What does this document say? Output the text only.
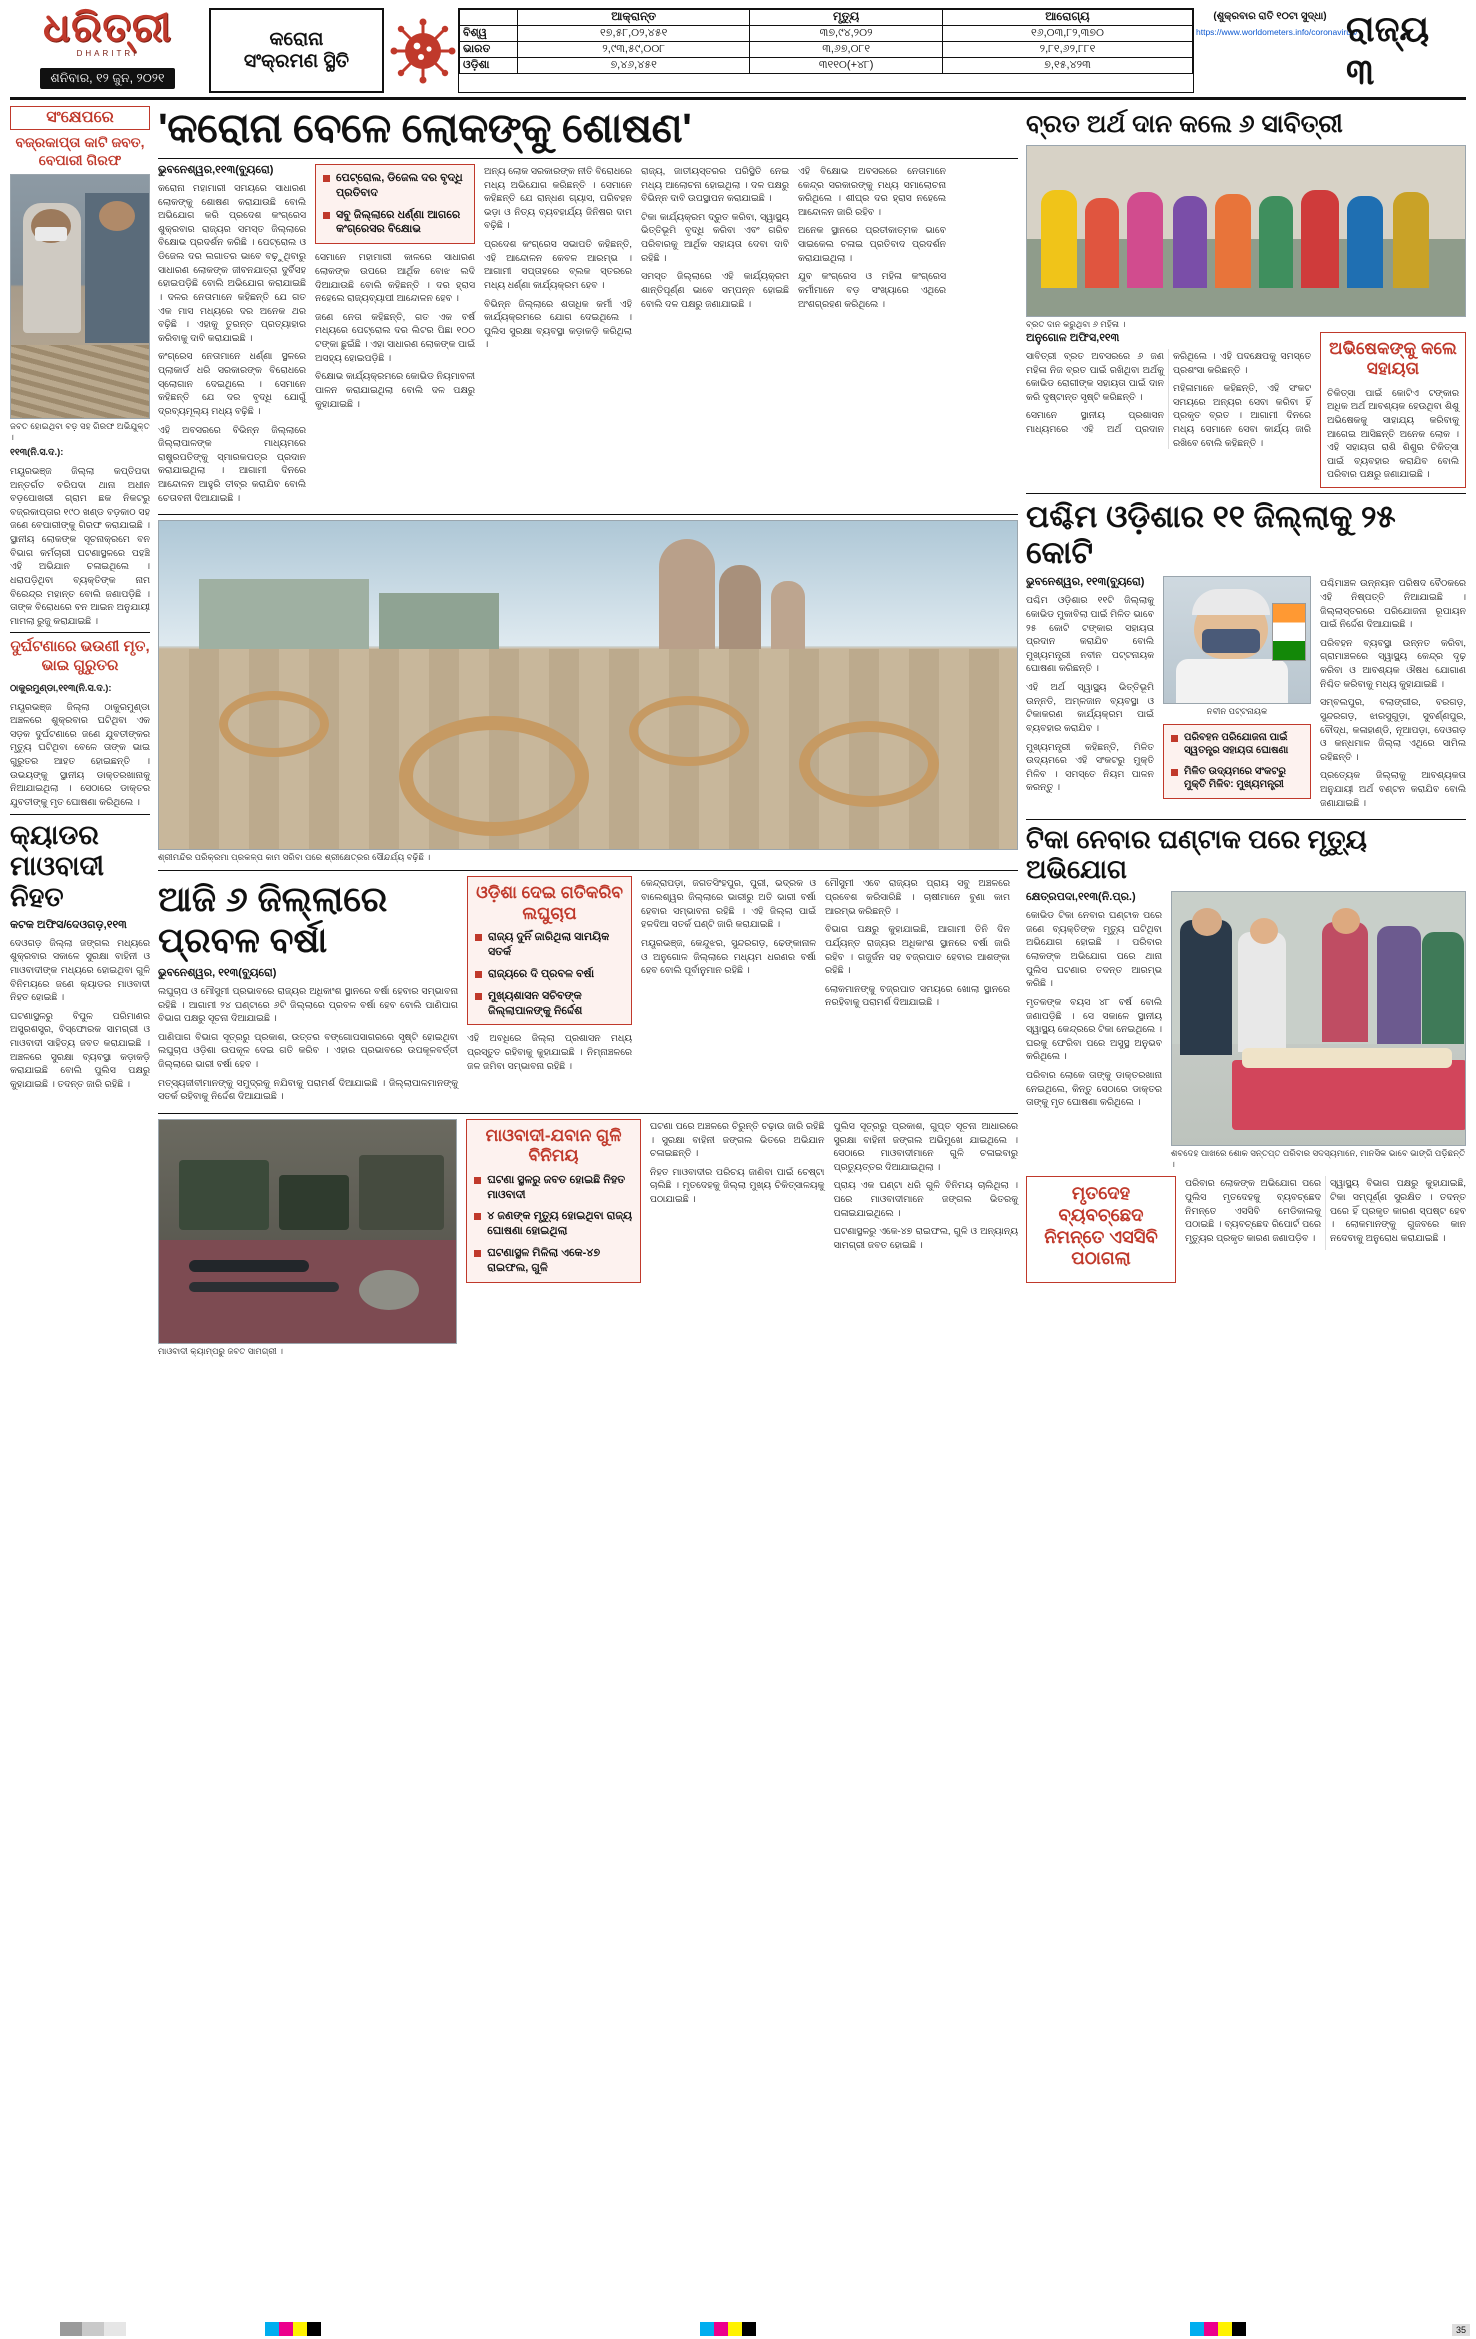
ଧରିତ୍ରୀ
DHARITRI
ଶନିବାର, ୧୨ ଜୁନ, ୨୦୨୧
କରୋନା
ସଂକ୍ରମଣ ସ୍ଥିତି
	ଆକ୍ରାନ୍ତ	ମୃତ୍ୟୁ	ଆରୋଗ୍ୟ
ବିଶ୍ୱ	୧୭,୫୮,୦୨,୪୫୧	୩୭,୯୪,୨୦୨	୧୬,୦୩,୮୨,୩୭୦
ଭାରତ	୨,୯୩,୫୯,୦୦୮	୩,୬୭,୦୮୧	୨,୮୧,୬୨,୮୮୧
ଓଡ଼ିଶା	୭,୪୬,୪୫୧	୩୧୧୦(+୪୮)	୭,୧୫,୪୨୩
(ଶୁକ୍ରବାର ରାତି ୧୦ଟା ସୁଦ୍ଧା)
https://www.worldometers.info/coronavirus/
ରାଜ୍ୟ ୩
ସଂକ୍ଷେପରେ
ବଜ୍ରକାପ୍ତା କାଟି ଜବତ, ବେପାରୀ ଗିରଫ
ଜବତ ହୋଇଥିବା ବଡ଼ ସହ ଗିରଫ ଅଭିଯୁକ୍ତ ।

୧୧୩(ନି.ସ.ଦ.):

ମୟୂରଭଞ୍ଜ ଜିଲ୍ଲା କପ୍ତିପଦା ଅନ୍ତର୍ଗତ ବରିପଦା ଥାନା ଅଧୀନ ବଡ଼ପୋଖରୀ ଗ୍ରାମ ଛକ ନିକଟରୁ ବଜ୍ରକାପ୍ତାର ୧୯୦ ଖଣ୍ଡ ବଡ଼କାଠ ସହ ଜଣେ ବେପାରୀଙ୍କୁ ଗିରଫ କରାଯାଇଛି । ସ୍ଥାନୀୟ ଲୋକଙ୍କ ସୂଚନାକ୍ରମେ ବନ ବିଭାଗ କର୍ମଚାରୀ ଘଟଣାସ୍ଥଳରେ ପହଞ୍ଚି ଏହି ଅଭିଯାନ ଚଳାଇଥିଲେ । ଧରାପଡ଼ିଥିବା ବ୍ୟକ୍ତିଙ୍କ ନାମ ବିରେନ୍ଦ୍ର ମହାନ୍ତ ବୋଲି ଜଣାପଡ଼ିଛି । ତାଙ୍କ ବିରୋଧରେ ବନ ଆଇନ ଅନୁଯାୟୀ ମାମଲା ରୁଜୁ କରାଯାଇଛି ।

ଦୁର୍ଘଟଣାରେ ଭଉଣୀ ମୃତ, ଭାଇ ଗୁରୁତର

ଠାକୁରମୁଣ୍ଡା,୧୧୩(ନି.ସ.ଦ.):

ମୟୂରଭଞ୍ଜ ଜିଲ୍ଲା ଠାକୁରମୁଣ୍ଡା ଅଞ୍ଚଳରେ ଶୁକ୍ରବାର ଘଟିଥିବା ଏକ ସଡ଼କ ଦୁର୍ଘଟଣାରେ ଜଣେ ଯୁବତୀଙ୍କର ମୃତ୍ୟୁ ଘଟିଥିବା ବେଳେ ତାଙ୍କ ଭାଇ ଗୁରୁତର ଆହତ ହୋଇଛନ୍ତି । ଉଭୟଙ୍କୁ ସ୍ଥାନୀୟ ଡାକ୍ତରଖାନାକୁ ନିଆଯାଇଥିଲା । ସେଠାରେ ଡାକ୍ତର ଯୁବତୀଙ୍କୁ ମୃତ ଘୋଷଣା କରିଥିଲେ ।

କ୍ୟାଡର ମାଓବାଦୀ ନିହତ
କଟକ ଅଫିସ/ଦେଓଗଡ଼,୧୧୩

ଦେଓଗଡ଼ ଜିଲ୍ଲା ଜଙ୍ଗଲ ମଧ୍ୟରେ ଶୁକ୍ରବାର ସକାଳେ ସୁରକ୍ଷା ବାହିନୀ ଓ ମାଓବାଦୀଙ୍କ ମଧ୍ୟରେ ହୋଇଥିବା ଗୁଳି ବିନିମୟରେ ଜଣେ କ୍ୟାଡର ମାଓବାଦୀ ନିହତ ହୋଇଛି ।

ଘଟଣାସ୍ଥଳରୁ ବିପୁଳ ପରିମାଣର ଅସ୍ତ୍ରଶସ୍ତ୍ର, ବିସ୍ଫୋରକ ସାମଗ୍ରୀ ଓ ମାଓବାଦୀ ସାହିତ୍ୟ ଜବତ କରାଯାଇଛି । ଅଞ୍ଚଳରେ ସୁରକ୍ଷା ବ୍ୟବସ୍ଥା କଡ଼ାକଡ଼ି କରାଯାଇଛି ବୋଲି ପୁଲିସ ପକ୍ଷରୁ କୁହାଯାଇଛି । ତଦନ୍ତ ଜାରି ରହିଛି ।

'କରୋନା ବେଳେ ଲୋକଙ୍କୁ ଶୋଷଣ'
ଭୁବନେଶ୍ୱର,୧୧୩(ବ୍ୟୁରୋ)

କରୋନା ମହାମାରୀ ସମୟରେ ସାଧାରଣ ଲୋକଙ୍କୁ ଶୋଷଣ କରାଯାଉଛି ବୋଲି ଅଭିଯୋଗ କରି ପ୍ରଦେଶ କଂଗ୍ରେସ ଶୁକ୍ରବାର ରାଜ୍ୟର ସମସ୍ତ ଜିଲ୍ଲାରେ ବିକ୍ଷୋଭ ପ୍ରଦର୍ଶନ କରିଛି । ପେଟ୍ରୋଲ ଓ ଡିଜେଲ ଦର ଲଗାତର ଭାବେ ବଢ଼ୁଥିବାରୁ ସାଧାରଣ ଲୋକଙ୍କ ଜୀବନଯାତ୍ରା ଦୁର୍ବିସହ ହୋଇପଡ଼ିଛି ବୋଲି ଅଭିଯୋଗ କରାଯାଇଛି । ଦଳର ନେତାମାନେ କହିଛନ୍ତି ଯେ ଗତ ଏକ ମାସ ମଧ୍ୟରେ ଦର ଅନେକ ଥର ବଢ଼ିଛି । ଏହାକୁ ତୁରନ୍ତ ପ୍ରତ୍ୟାହାର କରିବାକୁ ଦାବି କରାଯାଇଛି ।

କଂଗ୍ରେସ ନେତାମାନେ ଧର୍ଣ୍ଣା ସ୍ଥଳରେ ପ୍ଲାକାର୍ଡ ଧରି ସରକାରଙ୍କ ବିରୋଧରେ ସ୍ଲୋଗାନ ଦେଇଥିଲେ । ସେମାନେ କହିଛନ୍ତି ଯେ ଦର ବୃଦ୍ଧି ଯୋଗୁଁ ଦ୍ରବ୍ୟମୂଲ୍ୟ ମଧ୍ୟ ବଢ଼ିଛି ।

ଏହି ଅବସରରେ ବିଭିନ୍ନ ଜିଲ୍ଲାରେ ଜିଲ୍ଲାପାଳଙ୍କ ମାଧ୍ୟମରେ ରାଷ୍ଟ୍ରପତିଙ୍କୁ ସ୍ମାରକପତ୍ର ପ୍ରଦାନ କରାଯାଇଥିଲା । ଆଗାମୀ ଦିନରେ ଆନ୍ଦୋଳନ ଆହୁରି ତୀବ୍ର କରାଯିବ ବୋଲି ଚେତାବନୀ ଦିଆଯାଇଛି ।

ପେଟ୍ରୋଲ, ଡିଜେଲ ଦର ବୃଦ୍ଧି ପ୍ରତିବାଦ
ସବୁ ଜିଲ୍ଲାରେ ଧର୍ଣ୍ଣା ଆଗରେ କଂଗ୍ରେସର ବିକ୍ଷୋଭ

ସେମାନେ ମହାମାରୀ କାଳରେ ସାଧାରଣ ଲୋକଙ୍କ ଉପରେ ଆର୍ଥିକ ବୋଝ ଲଦି ଦିଆଯାଉଛି ବୋଲି କହିଛନ୍ତି । ଦର ହ୍ରାସ ନହେଲେ ରାଜ୍ୟବ୍ୟାପୀ ଆନ୍ଦୋଳନ ହେବ ।

ଜଣେ ନେତା କହିଛନ୍ତି, ଗତ ଏକ ବର୍ଷ ମଧ୍ୟରେ ପେଟ୍ରୋଲ ଦର ଲିଟର ପିଛା ୧୦୦ ଟଙ୍କା ଛୁଇଁଛି । ଏହା ସାଧାରଣ ଲୋକଙ୍କ ପାଇଁ ଅସହ୍ୟ ହୋଇପଡ଼ିଛି ।

ବିକ୍ଷୋଭ କାର୍ଯ୍ୟକ୍ରମରେ କୋଭିଡ ନିୟମାବଳୀ ପାଳନ କରାଯାଇଥିଲା ବୋଲି ଦଳ ପକ୍ଷରୁ କୁହାଯାଇଛି ।

ଅନ୍ୟ ଲୋକ ସରକାରଙ୍କ ନୀତି ବିରୋଧରେ ମଧ୍ୟ ଅଭିଯୋଗ କରିଛନ୍ତି । ସେମାନେ କହିଛନ୍ତି ଯେ ରାନ୍ଧଣ ଗ୍ୟାସ, ପରିବହନ ଭଡ଼ା ଓ ନିତ୍ୟ ବ୍ୟବହାର୍ଯ୍ୟ ଜିନିଷର ଦାମ ବଢ଼ିଛି ।

ପ୍ରଦେଶ କଂଗ୍ରେସ ସଭାପତି କହିଛନ୍ତି, ଏହି ଆନ୍ଦୋଳନ କେବଳ ଆରମ୍ଭ । ଆଗାମୀ ସପ୍ତାହରେ ବ୍ଲକ ସ୍ତରରେ ମଧ୍ୟ ଧର୍ଣ୍ଣା କାର୍ଯ୍ୟକ୍ରମ ହେବ ।

ବିଭିନ୍ନ ଜିଲ୍ଲାରେ ଶତାଧିକ କର୍ମୀ ଏହି କାର୍ଯ୍ୟକ୍ରମରେ ଯୋଗ ଦେଇଥିଲେ । ପୁଲିସ ସୁରକ୍ଷା ବ୍ୟବସ୍ଥା କଡ଼ାକଡ଼ି କରିଥିଲା ।

ରାଜ୍ୟ, ଜାତୀୟସ୍ତରର ପରିସ୍ଥିତି ନେଇ ମଧ୍ୟ ଆଲୋଚନା ହୋଇଥିଲା । ଦଳ ପକ୍ଷରୁ ବିଭିନ୍ନ ଦାବି ଉପସ୍ଥାପନ କରାଯାଇଛି ।

ଟିକା କାର୍ଯ୍ୟକ୍ରମ ଦ୍ରୁତ କରିବା, ସ୍ୱାସ୍ଥ୍ୟ ଭିତ୍ତିଭୂମି ବୃଦ୍ଧି କରିବା ଏବଂ ଗରିବ ପରିବାରକୁ ଆର୍ଥିକ ସହାୟତା ଦେବା ଦାବି ରହିଛି ।

ସମସ୍ତ ଜିଲ୍ଲାରେ ଏହି କାର୍ଯ୍ୟକ୍ରମ ଶାନ୍ତିପୂର୍ଣ୍ଣ ଭାବେ ସମ୍ପନ୍ନ ହୋଇଛି ବୋଲି ଦଳ ପକ୍ଷରୁ ଜଣାଯାଇଛି ।

ଏହି ବିକ୍ଷୋଭ ଅବସରରେ ନେତାମାନେ କେନ୍ଦ୍ର ସରକାରଙ୍କୁ ମଧ୍ୟ ସମାଲୋଚନା କରିଥିଲେ । ଶୀଘ୍ର ଦର ହ୍ରାସ ନହେଲେ ଆନ୍ଦୋଳନ ଜାରି ରହିବ ।

ଅନେକ ସ୍ଥାନରେ ପ୍ରତୀକାତ୍ମକ ଭାବେ ସାଇକେଲ ଚଳାଇ ପ୍ରତିବାଦ ପ୍ରଦର୍ଶନ କରାଯାଇଥିଲା ।

ଯୁବ କଂଗ୍ରେସ ଓ ମହିଳା କଂଗ୍ରେସ କର୍ମୀମାନେ ବଡ଼ ସଂଖ୍ୟାରେ ଏଥିରେ ଅଂଶଗ୍ରହଣ କରିଥିଲେ ।

ଶ୍ରୀମନ୍ଦିର ପରିକ୍ରମା ପ୍ରକଳ୍ପ କାମ ସରିବା ପରେ ଶ୍ରୀକ୍ଷେତ୍ରର ସୌନ୍ଦର୍ଯ୍ୟ ବଢ଼ିଛି ।
ଆଜି ୬ ଜିଲ୍ଲାରେ ପ୍ରବଳ ବର୍ଷା
ଭୁବନେଶ୍ୱର, ୧୧୩(ବ୍ୟୁରୋ)

ଲଘୁଚାପ ଓ ମୌସୁମୀ ପ୍ରଭାବରେ ରାଜ୍ୟର ଅଧିକାଂଶ ସ୍ଥାନରେ ବର୍ଷା ହେବାର ସମ୍ଭାବନା ରହିଛି । ଆଗାମୀ ୨୪ ଘଣ୍ଟାରେ ୬ଟି ଜିଲ୍ଲାରେ ପ୍ରବଳ ବର୍ଷା ହେବ ବୋଲି ପାଣିପାଗ ବିଭାଗ ପକ୍ଷରୁ ସୂଚନା ଦିଆଯାଇଛି ।

ପାଣିପାଗ ବିଭାଗ ସୂତ୍ରରୁ ପ୍ରକାଶ, ଉତ୍ତର ବଙ୍ଗୋପସାଗରରେ ସୃଷ୍ଟି ହୋଇଥିବା ଲଘୁଚାପ ଓଡ଼ିଶା ଉପକୂଳ ଦେଇ ଗତି କରିବ । ଏହାର ପ୍ରଭାବରେ ଉପକୂଳବର୍ତ୍ତୀ ଜିଲ୍ଲାରେ ଭାରୀ ବର୍ଷା ହେବ ।

ମତ୍ସ୍ୟଜୀବୀମାନଙ୍କୁ ସମୁଦ୍ରକୁ ନଯିବାକୁ ପରାମର୍ଶ ଦିଆଯାଇଛି । ଜିଲ୍ଲାପାଳମାନଙ୍କୁ ସତର୍କ ରହିବାକୁ ନିର୍ଦ୍ଦେଶ ଦିଆଯାଇଛି ।

ଓଡ଼ିଶା ଦେଇ ଗତିକରିବ ଲଘୁଚାପ
ରାଜ୍ୟ ଦୁନିଁ ଜାରିଥିଲା ସାମୟିକ ସତର୍କ
ରାଜ୍ୟରେ ଦି ପ୍ରବଳ ବର୍ଷା
ମୁଖ୍ୟଶାସନ ସଚିବଙ୍କ ଜିଲ୍ଲାପାଳଙ୍କୁ ନିର୍ଦ୍ଦେଶ

ଏହି ଅବଧିରେ ଜିଲ୍ଲା ପ୍ରଶାସନ ମଧ୍ୟ ପ୍ରସ୍ତୁତ ରହିବାକୁ କୁହାଯାଇଛି । ନିମ୍ନାଞ୍ଚଳରେ ଜଳ ଜମିବା ସମ୍ଭାବନା ରହିଛି ।

କେନ୍ଦ୍ରାପଡ଼ା, ଜଗତସିଂହପୁର, ପୁରୀ, ଭଦ୍ରକ ଓ ବାଲେଶ୍ୱର ଜିଲ୍ଲାରେ ଭାରୀରୁ ଅତି ଭାରୀ ବର୍ଷା ହେବାର ସମ୍ଭାବନା ରହିଛି । ଏହି ଜିଲ୍ଲା ପାଇଁ ହଳଦିଆ ସତର୍କ ଘଣ୍ଟି ଜାରି କରାଯାଇଛି ।

ମୟୂରଭଞ୍ଜ, କେନ୍ଦୁଝର, ସୁନ୍ଦରଗଡ଼, ଢେଙ୍କାନାଳ ଓ ଅନୁଗୋଳ ଜିଲ୍ଲାରେ ମଧ୍ୟମ ଧରଣର ବର୍ଷା ହେବ ବୋଲି ପୂର୍ବାନୁମାନ ରହିଛି ।

ମୌସୁମୀ ଏବେ ରାଜ୍ୟର ପ୍ରାୟ ସବୁ ଅଞ୍ଚଳରେ ପ୍ରବେଶ କରିସାରିଛି । ଚାଷୀମାନେ ବୁଣା କାମ ଆରମ୍ଭ କରିଛନ୍ତି ।

ବିଭାଗ ପକ୍ଷରୁ କୁହାଯାଇଛି, ଆଗାମୀ ତିନି ଦିନ ପର୍ଯ୍ୟନ୍ତ ରାଜ୍ୟର ଅଧିକାଂଶ ସ୍ଥାନରେ ବର୍ଷା ଜାରି ରହିବ । ଗଜୁର୍ଜନ ସହ ବଜ୍ରପାତ ହେବାର ଆଶଙ୍କା ରହିଛି ।

ଲୋକମାନଙ୍କୁ ବଜ୍ରପାତ ସମୟରେ ଖୋଲା ସ୍ଥାନରେ ନରହିବାକୁ ପରାମର୍ଶ ଦିଆଯାଇଛି ।

ମାଓବାଦୀ କ୍ୟାମ୍ପରୁ ଜବତ ସାମଗ୍ରୀ ।
ମାଓବାଦୀ-ଯବାନ ଗୁଳି ବିନିମୟ
ଘଟଣା ସ୍ଥଳରୁ ଜବତ ହୋଇଛି ନିହତ ମାଓବାଦୀ
୪ ଜଣଙ୍କ ମୃତ୍ୟୁ ହୋଇଥିବା ରାଜ୍ୟ ଘୋଷଣା ହୋଇଥିଲା
ଘଟଣାସ୍ଥଳ ମିଳିଲା ଏକେ-୪୭ ରାଇଫଲ, ଗୁଳି

ଘଟଣା ପରେ ଅଞ୍ଚଳରେ ଚିରୁନ୍ତି ଚଢ଼ାଉ ଜାରି ରହିଛି । ସୁରକ୍ଷା ବାହିନୀ ଜଙ୍ଗଲ ଭିତରେ ଅଭିଯାନ ଚଳାଇଛନ୍ତି ।

ନିହତ ମାଓବାଦୀର ପରିଚୟ ଜାଣିବା ପାଇଁ ଚେଷ୍ଟା ଚାଲିଛି । ମୃତଦେହକୁ ଜିଲ୍ଲା ମୁଖ୍ୟ ଚିକିତ୍ସାଳୟକୁ ପଠାଯାଇଛି ।

ପୁଲିସ ସୂତ୍ରରୁ ପ୍ରକାଶ, ଗୁପ୍ତ ସୂଚନା ଆଧାରରେ ସୁରକ୍ଷା ବାହିନୀ ଜଙ୍ଗଲ ଅଭିମୁଖେ ଯାଇଥିଲେ । ସେଠାରେ ମାଓବାଦୀମାନେ ଗୁଳି ଚଳାଇବାରୁ ପ୍ରତ୍ୟୁତ୍ତର ଦିଆଯାଇଥିଲା ।

ପ୍ରାୟ ଏକ ଘଣ୍ଟା ଧରି ଗୁଳି ବିନିମୟ ଚାଲିଥିଲା । ପରେ ମାଓବାଦୀମାନେ ଜଙ୍ଗଲ ଭିତରକୁ ପଳାଇଯାଇଥିଲେ ।

ଘଟଣାସ୍ଥଳରୁ ଏକେ-୪୭ ରାଇଫଲ, ଗୁଳି ଓ ଅନ୍ୟାନ୍ୟ ସାମଗ୍ରୀ ଜବତ ହୋଇଛି ।

ବ୍ରତ ଅର୍ଥ ଦାନ କଲେ ୬ ସାବିତ୍ରୀ
ବ୍ରତ ଦାନ କରୁଥିବା ୬ ମହିଳା ।
ଅନୁଗୋଳ ଅଫିସ,୧୧୩

ସାବିତ୍ରୀ ବ୍ରତ ଅବସରରେ ୬ ଜଣ ମହିଳା ନିଜ ବ୍ରତ ପାଇଁ ରଖିଥିବା ଅର୍ଥକୁ କୋଭିଡ ରୋଗୀଙ୍କ ସହାୟତା ପାଇଁ ଦାନ କରି ଦୃଷ୍ଟାନ୍ତ ସୃଷ୍ଟି କରିଛନ୍ତି ।

ସେମାନେ ସ୍ଥାନୀୟ ପ୍ରଶାସନ ମାଧ୍ୟମରେ ଏହି ଅର୍ଥ ପ୍ରଦାନ କରିଥିଲେ । ଏହି ପଦକ୍ଷେପକୁ ସମସ୍ତେ ପ୍ରଶଂସା କରିଛନ୍ତି ।

ମହିଳାମାନେ କହିଛନ୍ତି, ଏହି ସଂକଟ ସମୟରେ ଅନ୍ୟର ସେବା କରିବା ହିଁ ପ୍ରକୃତ ବ୍ରତ । ଆଗାମୀ ଦିନରେ ମଧ୍ୟ ସେମାନେ ସେବା କାର୍ଯ୍ୟ ଜାରି ରଖିବେ ବୋଲି କହିଛନ୍ତି ।

ଅଭିଷେକଙ୍କୁ କଲେ ସହାୟତା
ଚିକିତ୍ସା ପାଇଁ କୋଟିଏ ଟଙ୍କାର ଅଧିକ ଅର୍ଥ ଆବଶ୍ୟକ ହେଉଥିବା ଶିଶୁ ଅଭିଷେକକୁ ସାହାଯ୍ୟ କରିବାକୁ ଆଗେଇ ଆସିଛନ୍ତି ଅନେକ ଲୋକ । ଏହି ସହାୟତା ରାଶି ଶିଶୁର ଚିକିତ୍ସା ପାଇଁ ବ୍ୟବହାର କରାଯିବ ବୋଲି ପରିବାର ପକ୍ଷରୁ ଜଣାଯାଇଛି ।
ପଶ୍ଚିମ ଓଡ଼ିଶାର ୧୧ ଜିଲ୍ଲାକୁ ୨୫ କୋଟି
ଭୁବନେଶ୍ୱର, ୧୧୩(ବ୍ୟୁରୋ)

ପଶ୍ଚିମ ଓଡ଼ିଶାର ୧୧ଟି ଜିଲ୍ଲାକୁ କୋଭିଡ ମୁକାବିଲା ପାଇଁ ମିଳିତ ଭାବେ ୨୫ କୋଟି ଟଙ୍କାର ସହାୟତା ପ୍ରଦାନ କରାଯିବ ବୋଲି ମୁଖ୍ୟମନ୍ତ୍ରୀ ନବୀନ ପଟ୍ଟନାୟକ ଘୋଷଣା କରିଛନ୍ତି ।

ଏହି ଅର୍ଥ ସ୍ୱାସ୍ଥ୍ୟ ଭିତ୍ତିଭୂମି ଉନ୍ନତି, ଅମ୍ଳଜାନ ବ୍ୟବସ୍ଥା ଓ ଟିକାକରଣ କାର୍ଯ୍ୟକ୍ରମ ପାଇଁ ବ୍ୟବହାର କରାଯିବ ।

ମୁଖ୍ୟମନ୍ତ୍ରୀ କହିଛନ୍ତି, ମିଳିତ ଉଦ୍ୟମରେ ଏହି ସଂକଟରୁ ମୁକ୍ତି ମିଳିବ । ସମସ୍ତେ ନିୟମ ପାଳନ କରନ୍ତୁ ।

ନବୀନ ପଟ୍ଟନାୟକ
ପରିବହନ ପରିଯୋଜନା ପାଇଁ ସ୍ୱତନ୍ତ୍ର ସହାୟତା ଘୋଷଣା
ମିଳିତ ଉଦ୍ୟମରେ ସଂକଟରୁ ମୁକ୍ତି ମିଳିବ: ମୁଖ୍ୟମନ୍ତ୍ରୀ

ପଶ୍ଚିମାଞ୍ଚଳ ଉନ୍ନୟନ ପରିଷଦ ବୈଠକରେ ଏହି ନିଷ୍ପତ୍ତି ନିଆଯାଇଛି । ଜିଲ୍ଲାସ୍ତରରେ ପରିଯୋଜନା ରୂପାୟନ ପାଇଁ ନିର୍ଦ୍ଦେଶ ଦିଆଯାଇଛି ।

ପରିବହନ ବ୍ୟବସ୍ଥା ଉନ୍ନତ କରିବା, ଗ୍ରାମାଞ୍ଚଳରେ ସ୍ୱାସ୍ଥ୍ୟ କେନ୍ଦ୍ର ଦୃଢ଼ କରିବା ଓ ଆବଶ୍ୟକ ଔଷଧ ଯୋଗାଣ ନିଶ୍ଚିତ କରିବାକୁ ମଧ୍ୟ କୁହାଯାଇଛି ।

ସମ୍ବଲପୁର, ବଲାଙ୍ଗୀର, ବରଗଡ଼, ସୁନ୍ଦରଗଡ଼, ଝାରସୁଗୁଡ଼ା, ସୁବର୍ଣ୍ଣପୁର, ବୌଦ୍ଧ, କଳାହାଣ୍ଡି, ନୂଆପଡ଼ା, ଦେଓଗଡ଼ ଓ କନ୍ଧମାଳ ଜିଲ୍ଲା ଏଥିରେ ସାମିଲ ରହିଛନ୍ତି ।

ପ୍ରତ୍ୟେକ ଜିଲ୍ଲାକୁ ଆବଶ୍ୟକତା ଅନୁଯାୟୀ ଅର୍ଥ ବଣ୍ଟନ କରାଯିବ ବୋଲି ଜଣାଯାଇଛି ।

ଟିକା ନେବାର ଘଣ୍ଟାକ ପରେ ମୃତ୍ୟୁ ଅଭିଯୋଗ
କ୍ଷେତ୍ରପଦା,୧୧୩(ନି.ପ୍ର.)

କୋଭିଡ ଟିକା ନେବାର ଘଣ୍ଟାକ ପରେ ଜଣେ ବ୍ୟକ୍ତିଙ୍କ ମୃତ୍ୟୁ ଘଟିଥିବା ଅଭିଯୋଗ ହୋଇଛି । ପରିବାର ଲୋକଙ୍କ ଅଭିଯୋଗ ପରେ ଥାନା ପୁଲିସ ଘଟଣାର ତଦନ୍ତ ଆରମ୍ଭ କରିଛି ।

ମୃତକଙ୍କ ବୟସ ୪୮ ବର୍ଷ ବୋଲି ଜଣାପଡ଼ିଛି । ସେ ସକାଳେ ସ୍ଥାନୀୟ ସ୍ୱାସ୍ଥ୍ୟ କେନ୍ଦ୍ରରେ ଟିକା ନେଇଥିଲେ । ଘରକୁ ଫେରିବା ପରେ ଅସୁସ୍ଥ ଅନୁଭବ କରିଥିଲେ ।

ପରିବାର ଲୋକେ ତାଙ୍କୁ ଡାକ୍ତରଖାନା ନେଇଥିଲେ, କିନ୍ତୁ ସେଠାରେ ଡାକ୍ତର ତାଙ୍କୁ ମୃତ ଘୋଷଣା କରିଥିଲେ ।

ଶବଦେହ ପାଖରେ ଶୋକ ସନ୍ତପ୍ତ ପରିବାର ସଦସ୍ୟମାନେ, ମାନସିକ ଭାବେ ଭାଙ୍ଗି ପଡ଼ିଛନ୍ତି ।
ମୃତଦେହ ବ୍ୟବଚ୍ଛେଦ ନିମନ୍ତେ ଏସସିବି ପଠାଗଲା

ପରିବାର ଲୋକଙ୍କ ଅଭିଯୋଗ ପରେ ପୁଲିସ ମୃତଦେହକୁ ବ୍ୟବଚ୍ଛେଦ ନିମନ୍ତେ ଏସସିବି ମେଡିକାଲକୁ ପଠାଇଛି । ବ୍ୟବଚ୍ଛେଦ ରିପୋର୍ଟ ପରେ ମୃତ୍ୟୁର ପ୍ରକୃତ କାରଣ ଜଣାପଡ଼ିବ ।

ସ୍ୱାସ୍ଥ୍ୟ ବିଭାଗ ପକ୍ଷରୁ କୁହାଯାଇଛି, ଟିକା ସମ୍ପୂର୍ଣ୍ଣ ସୁରକ୍ଷିତ । ତଦନ୍ତ ପରେ ହିଁ ପ୍ରକୃତ କାରଣ ସ୍ପଷ୍ଟ ହେବ । ଲୋକମାନଙ୍କୁ ଗୁଜବରେ କାନ ନଦେବାକୁ ଅନୁରୋଧ କରାଯାଇଛି ।

35
